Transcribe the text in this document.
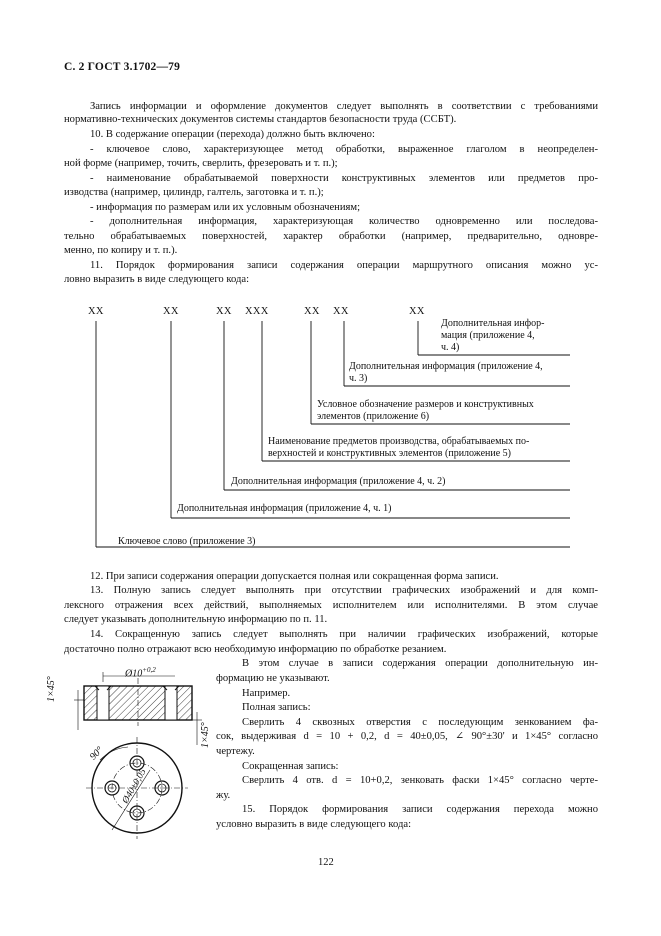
С. 2 ГОСТ 3.1702—79
Запись информации и оформление документов следует выполнять в соответствии с требованиями
нормативно-технических документов системы стандартов безопасности труда (ССБТ).
10. В содержание операции (перехода) должно быть включено:
- ключевое слово, характеризующее метод обработки, выраженное глаголом в неопределен-
ной форме (например, точить, сверлить, фрезеровать и т. п.);
- наименование обрабатываемой поверхности конструктивных элементов или предметов про-
изводства (например, цилиндр, галтель, заготовка и т. п.);
- информация по размерам или их условным обозначениям;
- дополнительная информация, характеризующая количество одновременно или последова-
тельно обрабатываемых поверхностей, характер обработки (например, предварительно, одновре-
менно, по копиру и т. п.).
11. Порядок формирования записи содержания операции маршрутного описания можно ус-
ловно выразить в виде следующего кода:
ХХ	ХХ	ХХ ХХХ	ХХ ХХ	ХХ
Дополнительная инфор-
мация (приложение 4,
ч. 4)
Дополнительная информация (приложение 4,
ч. 3)
Условное обозначение размеров и конструктивных
элементов (приложение 6)
Наименование предметов производства, обрабатываемых по-
верхностей и конструктивных элементов (приложение 5)
Дополнительная информация (приложение 4, ч. 2)
Дополнительная информация (приложение 4, ч. 1)
Ключевое слово (приложение 3)
12. При записи содержания операции допускается полная или сокращенная форма записи.
13. Полную запись следует выполнять при отсутствии графических изображений и для комп-
лексного отражения всех действий, выполняемых исполнителем или исполнителями. В этом случае
следует указывать дополнительную информацию по п. 11.
14. Сокращенную запись следует выполнять при наличии графических изображений, которые
достаточно полно отражают всю необходимую информацию по обработке резанием.
В этом случае в записи содержания операции дополнительную ин-
формацию не указывают.
Например.
Полная запись:
Сверлить 4 сквозных отверстия с последующим зенкованием фа-
сок, выдерживая d = 10 + 0,2, d = 40±0,05, ∠ 90°±30' и 1×45° согласно
чертежу.
Сокращенная запись:
Сверлить 4 отв. d = 10+0,2, зенковать фаски 1×45° согласно черте-
жу.
15. Порядок формирования записи содержания перехода можно
условно выразить в виде следующего кода:
$Ø10^{+0,2}$
1×45°
1×45°
90°
Ø40±0,05
122
